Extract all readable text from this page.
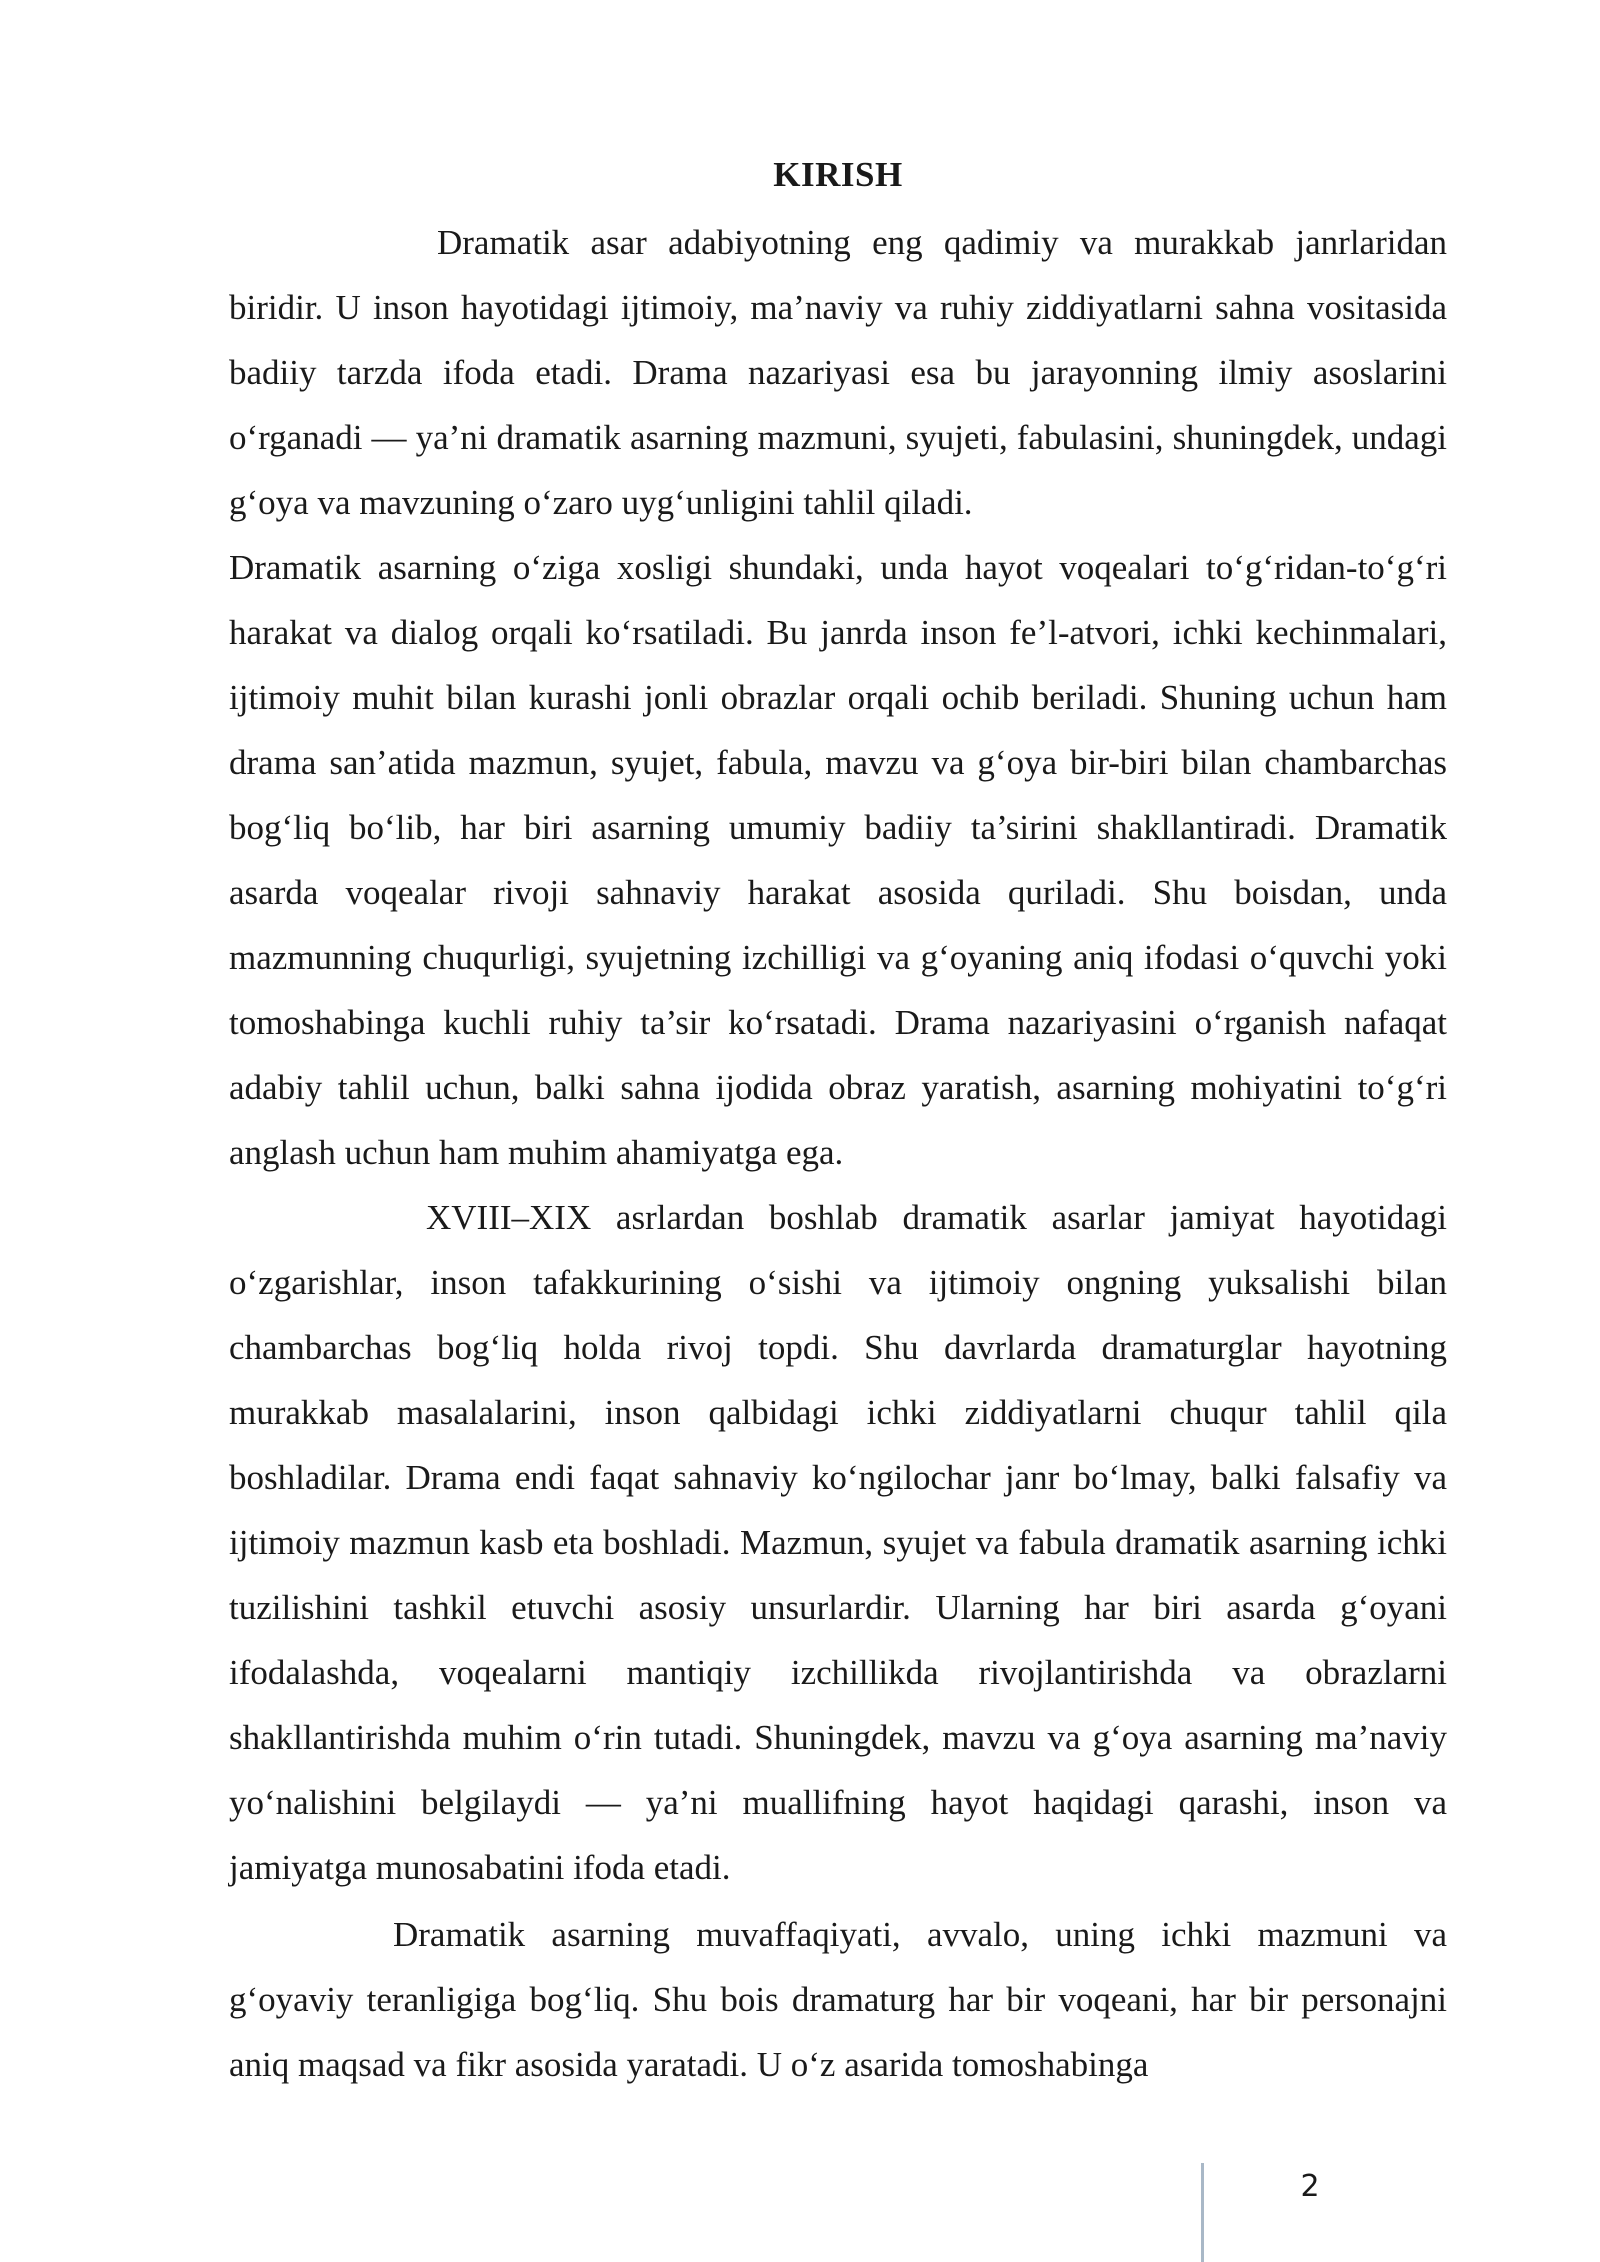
KIRISH

Dramatik asar adabiyotning eng qadimiy va murakkab janrlaridan biridir. U inson hayotidagi ijtimoiy, ma’naviy va ruhiy ziddiyatlarni sahna vositasida badiiy tarzda ifoda etadi. Drama nazariyasi esa bu jarayonning ilmiy asoslarini o‘rganadi — ya’ni dramatik asarning mazmuni, syujeti, fabulasini, shuningdek, undagi g‘oya va mavzuning o‘zaro uyg‘unligini tahlil qiladi.

Dramatik asarning o‘ziga xosligi shundaki, unda hayot voqealari to‘g‘ridan-to‘g‘ri harakat va dialog orqali ko‘rsatiladi. Bu janrda inson fe’l-atvori, ichki kechinmalari, ijtimoiy muhit bilan kurashi jonli obrazlar orqali ochib beriladi. Shuning uchun ham drama san’atida mazmun, syujet, fabula, mavzu va g‘oya bir-biri bilan chambarchas bog‘liq bo‘lib, har biri asarning umumiy badiiy ta’sirini shakllantiradi. Dramatik asarda voqealar rivoji sahnaviy harakat asosida quriladi. Shu boisdan, unda mazmunning chuqurligi, syujetning izchilligi va g‘oyaning aniq ifodasi o‘quvchi yoki tomoshabinga kuchli ruhiy ta’sir ko‘rsatadi. Drama nazariyasini o‘rganish nafaqat adabiy tahlil uchun, balki sahna ijodida obraz yaratish, asarning mohiyatini to‘g‘ri anglash uchun ham muhim ahamiyatga ega.

XVIII–XIX asrlardan boshlab dramatik asarlar jamiyat hayotidagi o‘zgarishlar, inson tafakkurining o‘sishi va ijtimoiy ongning yuksalishi bilan chambarchas bog‘liq holda rivoj topdi. Shu davrlarda dramaturglar hayotning murakkab masalalarini, inson qalbidagi ichki ziddiyatlarni chuqur tahlil qila boshladilar. Drama endi faqat sahnaviy ko‘ngilochar janr bo‘lmay, balki falsafiy va ijtimoiy mazmun kasb eta boshladi. Mazmun, syujet va fabula dramatik asarning ichki tuzilishini tashkil etuvchi asosiy unsurlardir. Ularning har biri asarda g‘oyani ifodalashda, voqealarni mantiqiy izchillikda rivojlantirishda va obrazlarni shakllantirishda muhim o‘rin tutadi. Shuningdek, mavzu va g‘oya asarning ma’naviy yo‘nalishini belgilaydi — ya’ni muallifning hayot haqidagi qarashi, inson va jamiyatga munosabatini ifoda etadi.

Dramatik asarning muvaffaqiyati, avvalo, uning ichki mazmuni va g‘oyaviy teranligiga bog‘liq. Shu bois dramaturg har bir voqeani, har bir personajni aniq maqsad va fikr asosida yaratadi. U o‘z asarida tomoshabinga

2
